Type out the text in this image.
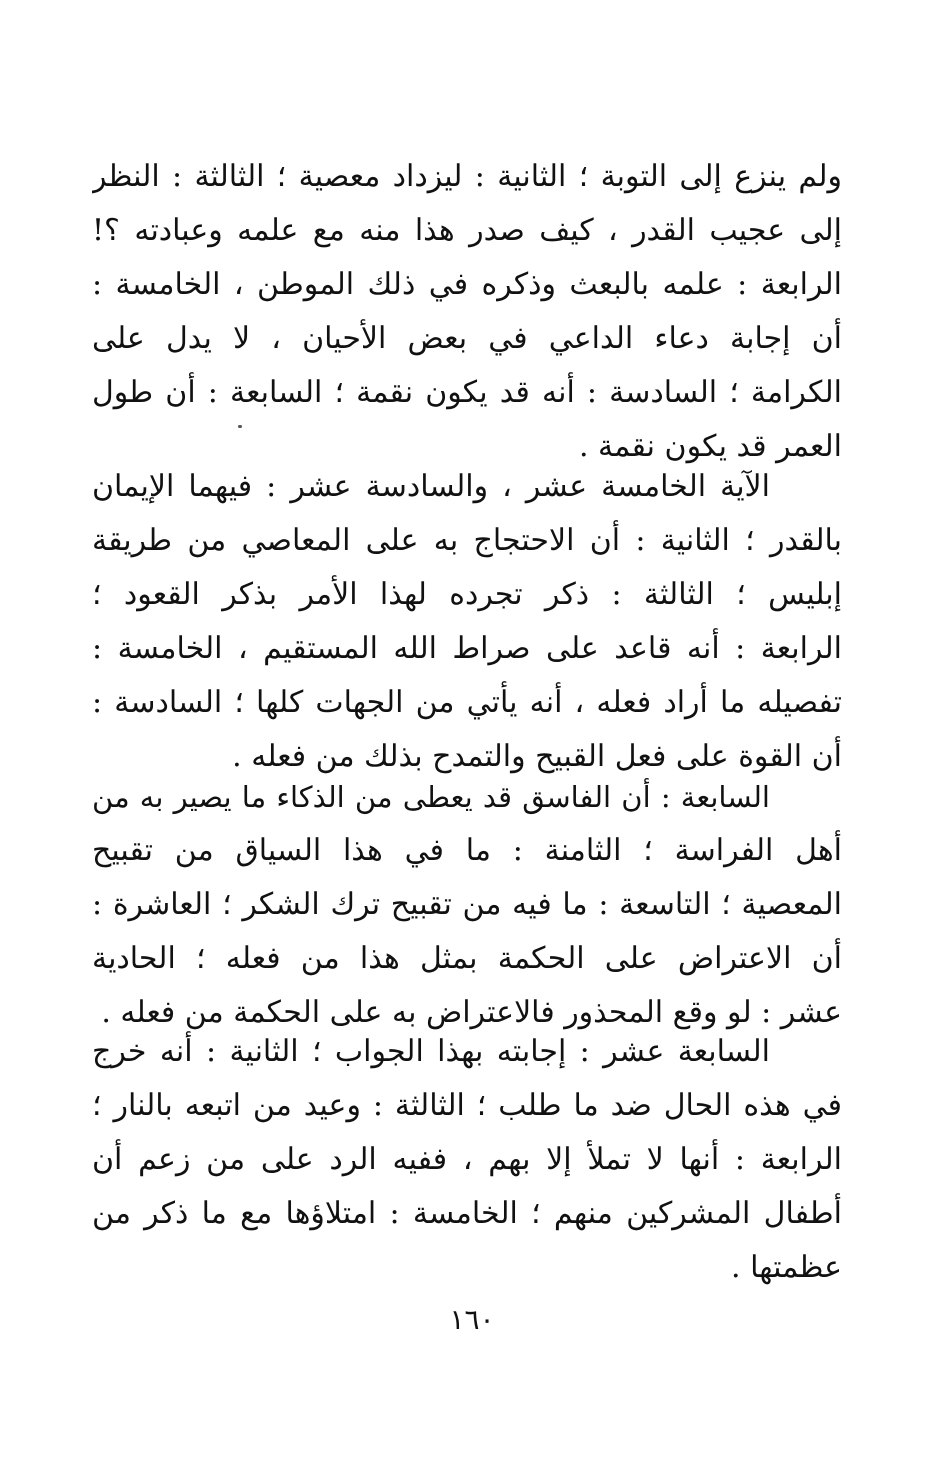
ولم ينزع إلى التوبة ؛ الثانية : ليزداد معصية ؛ الثالثة : النظر
إلى عجيب القدر ، كيف صدر هذا منه مع علمه وعبادته ؟!
الرابعة : علمه بالبعث وذكره في ذلك الموطن ، الخامسة :
أن إجابة دعاء الداعي في بعض الأحيان ، لا يدل على
الكرامة ؛ السادسة : أنه قد يكون نقمة ؛ السابعة : أن طول
العمر قد يكون نقمة .
الآية الخامسة عشر ، والسادسة عشر : فيهما الإيمان
بالقدر ؛ الثانية : أن الاحتجاج به على المعاصي من طريقة
إبليس ؛ الثالثة : ذكر تجرده لهذا الأمر بذكر القعود ؛
الرابعة : أنه قاعد على صراط الله المستقيم ، الخامسة :
تفصيله ما أراد فعله ، أنه يأتي من الجهات كلها ؛ السادسة :
أن القوة على فعل القبيح والتمدح بذلك من فعله .
السابعة : أن الفاسق قد يعطى من الذكاء ما يصير به من
أهل الفراسة ؛ الثامنة : ما في هذا السياق من تقبيح
المعصية ؛ التاسعة : ما فيه من تقبيح ترك الشكر ؛ العاشرة :
أن الاعتراض على الحكمة بمثل هذا من فعله ؛ الحادية
عشر : لو وقع المحذور فالاعتراض به على الحكمة من فعله .
السابعة عشر : إجابته بهذا الجواب ؛ الثانية : أنه خرج
في هذه الحال ضد ما طلب ؛ الثالثة : وعيد من اتبعه بالنار ؛
الرابعة : أنها لا تملأ إلا بهم ، ففيه الرد على من زعم أن
أطفال المشركين منهم ؛ الخامسة : امتلاؤها مع ما ذكر من
عظمتها .
١٦٠
